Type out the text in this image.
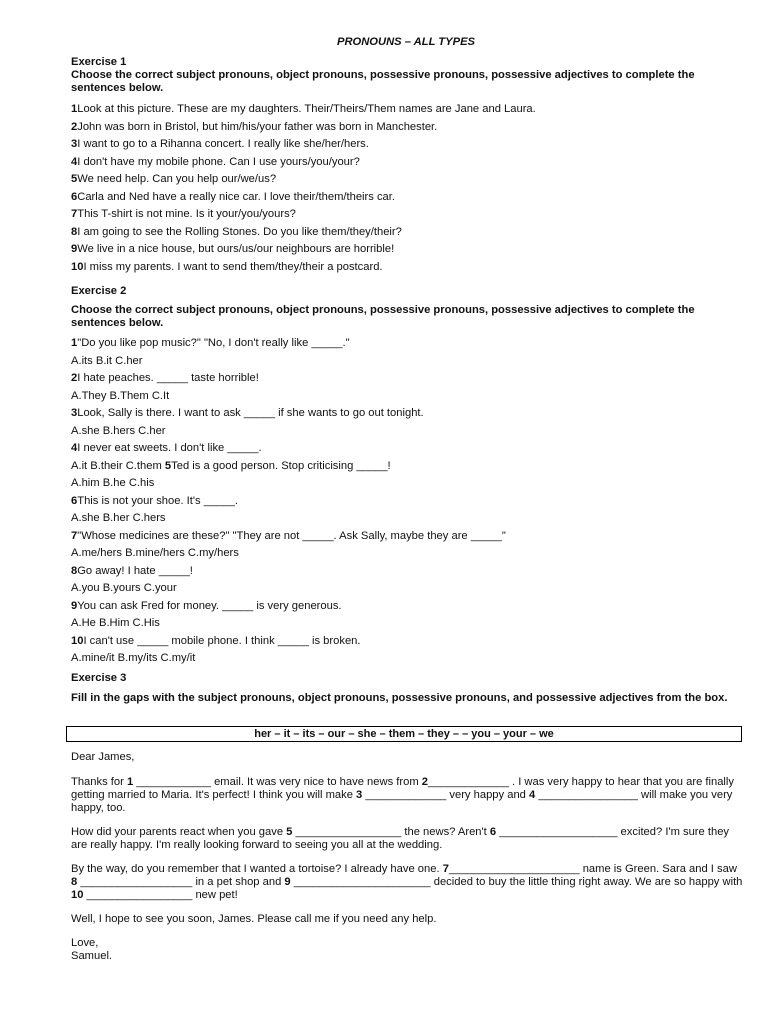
PRONOUNS – ALL TYPES

Exercise 1

Choose the correct subject pronouns, object pronouns, possessive pronouns, possessive adjectives to complete the sentences below.

1Look at this picture. These are my daughters. Their/Theirs/Them names are Jane and Laura.

2John was born in Bristol, but him/his/your father was born in Manchester.

3I want to go to a Rihanna concert. I really like she/her/hers.

4I don't have my mobile phone. Can I use yours/you/your?

5We need help. Can you help our/we/us?

6Carla and Ned have a really nice car. I love their/them/theirs car.

7This T-shirt is not mine. Is it your/you/yours?

8I am going to see the Rolling Stones. Do you like them/they/their?

9We live in a nice house, but ours/us/our neighbours are horrible!

10I miss my parents. I want to send them/they/their a postcard.

Exercise 2

Choose the correct subject pronouns, object pronouns, possessive pronouns, possessive adjectives to complete the sentences below.

1"Do you like pop music?" "No, I don't really like _____."

A.its B.it C.her

2I hate peaches. _____ taste horrible!

A.They B.Them C.It

3Look, Sally is there. I want to ask _____ if she wants to go out tonight.

A.she B.hers C.her

4I never eat sweets. I don't like _____.

A.it B.their C.them 5Ted is a good person. Stop criticising _____!

A.him B.he C.his

6This is not your shoe. It's _____.

A.she B.her C.hers

7"Whose medicines are these?" "They are not _____. Ask Sally, maybe they are _____"

A.me/hers B.mine/hers C.my/hers

8Go away! I hate _____!

A.you B.yours C.your

9You can ask Fred for money. _____ is very generous.

A.He B.Him C.His

10I can't use _____ mobile phone. I think _____ is broken.

A.mine/it B.my/its C.my/it

Exercise 3

Fill in the gaps with the subject pronouns, object pronouns, possessive pronouns, and possessive adjectives from the box.

her – it – its – our – she – them – they – – you – your – we

Dear James,

Thanks for 1 ____________ email. It was very nice to have news from 2_____________ . I was very happy to hear that you are finally getting married to Maria. It's perfect! I think you will make 3 _____________ very happy and 4 ________________ will make you very happy, too.

How did your parents react when you gave 5 _________________ the news? Aren't 6 ___________________ excited? I'm sure they are really happy. I'm really looking forward to seeing you all at the wedding.

By the way, do you remember that I wanted a tortoise? I already have one. 7_____________________ name is Green. Sara and I saw 8 __________________ in a pet shop and 9 ______________________ decided to buy the little thing right away. We are so happy with 10 _________________ new pet!

Well, I hope to see you soon, James. Please call me if you need any help.

Love,

Samuel.
